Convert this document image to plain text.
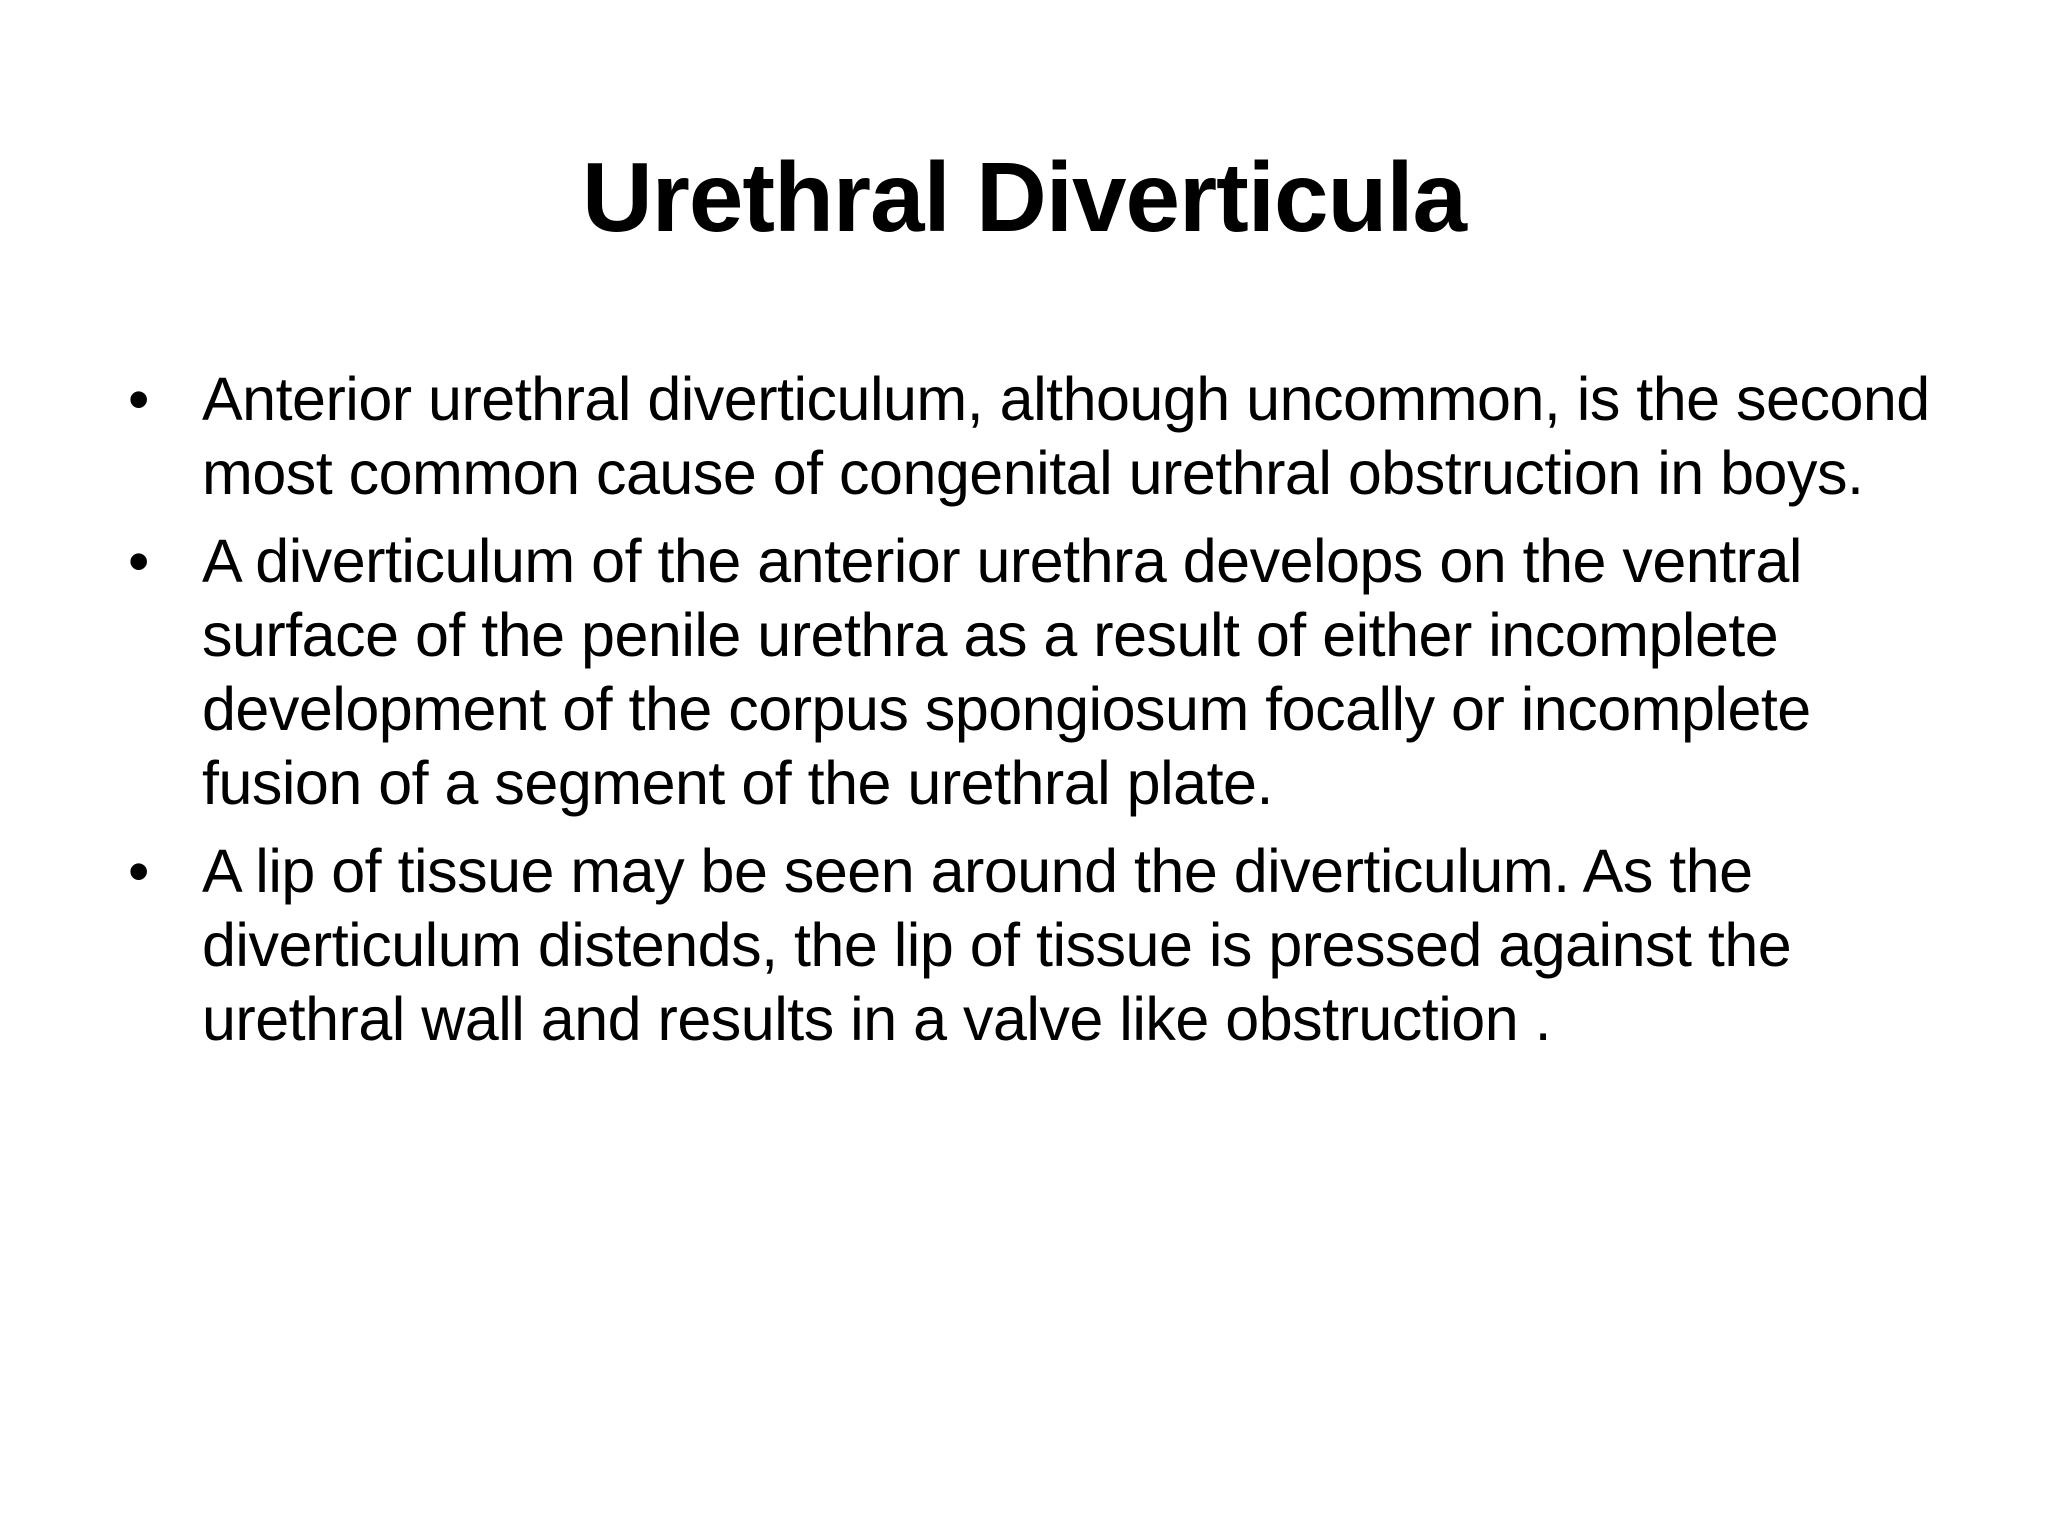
Urethral Diverticula
• Anterior urethral diverticulum, although uncommon, is the second most common cause of congenital urethral obstruction in boys.
• A diverticulum of the anterior urethra develops on the ventral surface of the penile urethra as a result of either incomplete development of the corpus spongiosum focally or incomplete fusion of a segment of the urethral plate.
• A lip of tissue may be seen around the diverticulum. As the diverticulum distends, the lip of tissue is pressed against the urethral wall and results in a valve like obstruction .
